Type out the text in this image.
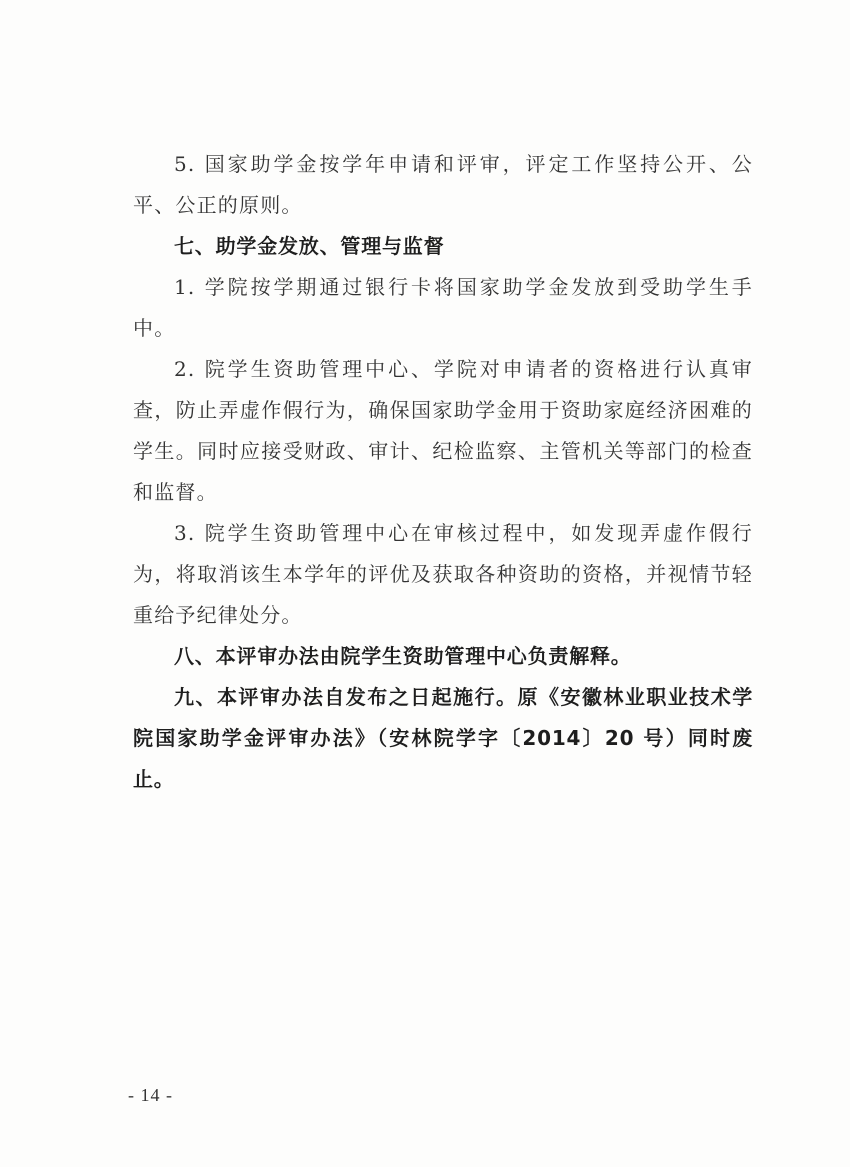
5. 国家助学金按学年申请和评审，评定工作坚持公开、公平、公正的原则。

七、助学金发放、管理与监督

1. 学院按学期通过银行卡将国家助学金发放到受助学生手中。

2. 院学生资助管理中心、学院对申请者的资格进行认真审查，防止弄虚作假行为，确保国家助学金用于资助家庭经济困难的学生。同时应接受财政、审计、纪检监察、主管机关等部门的检查和监督。

3. 院学生资助管理中心在审核过程中，如发现弄虚作假行为，将取消该生本学年的评优及获取各种资助的资格，并视情节轻重给予纪律处分。

八、本评审办法由院学生资助管理中心负责解释。

九、本评审办法自发布之日起施行。原《安徽林业职业技术学院国家助学金评审办法》（安林院学字〔2014〕20 号）同时废止。

- 14 -
